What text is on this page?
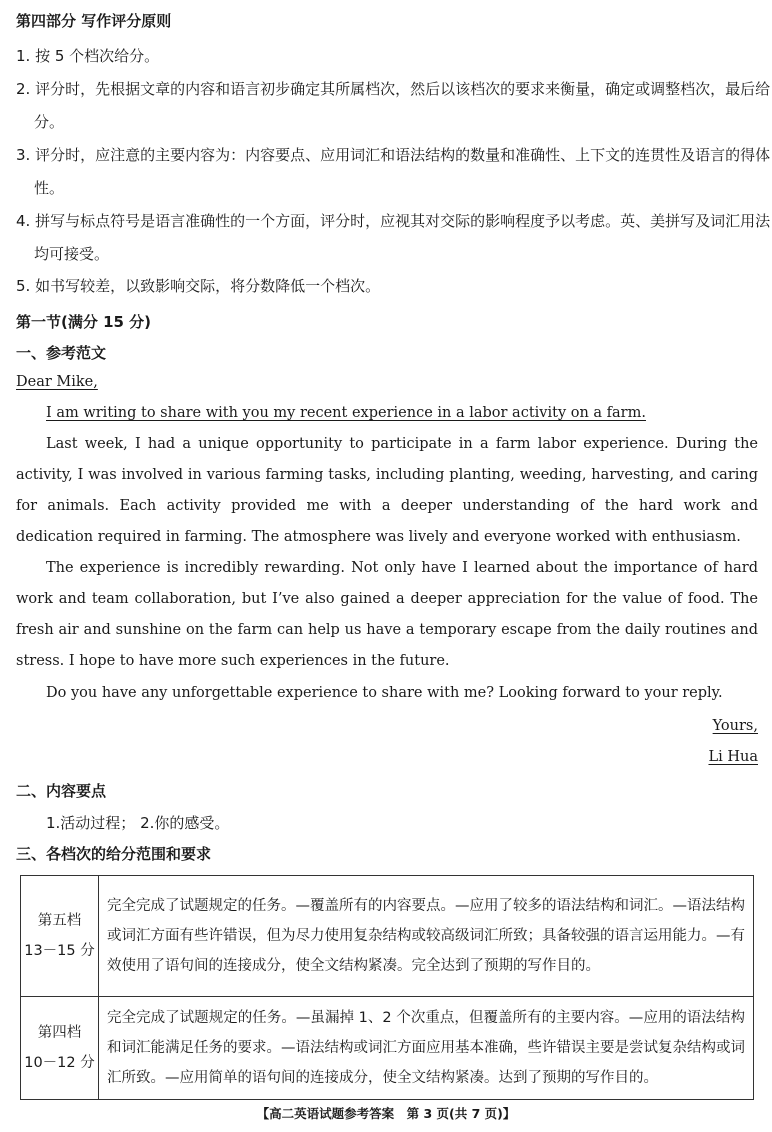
第四部分 写作评分原则
1. 按 5 个档次给分。
2. 评分时，先根据文章的内容和语言初步确定其所属档次，然后以该档次的要求来衡量，确定或调整档次，最后给分。
3. 评分时，应注意的主要内容为：内容要点、应用词汇和语法结构的数量和准确性、上下文的连贯性及语言的得体性。
4. 拼写与标点符号是语言准确性的一个方面，评分时，应视其对交际的影响程度予以考虑。英、美拼写及词汇用法均可接受。
5. 如书写较差，以致影响交际，将分数降低一个档次。
第一节(满分 15 分)
一、参考范文
Dear Mike,
I am writing to share with you my recent experience in a labor activity on a farm.
Last week, I had a unique opportunity to participate in a farm labor experience. During the activity, I was involved in various farming tasks, including planting, weeding, harvesting, and caring for animals. Each activity provided me with a deeper understanding of the hard work and dedication required in farming. The atmosphere was lively and everyone worked with enthusiasm.
The experience is incredibly rewarding. Not only have I learned about the importance of hard work and team collaboration, but I’ve also gained a deeper appreciation for the value of food. The fresh air and sunshine on the farm can help us have a temporary escape from the daily routines and stress. I hope to have more such experiences in the future.
Do you have any unforgettable experience to share with me? Looking forward to your reply.
Yours,
Li Hua
二、内容要点
1.活动过程； 2.你的感受。
三、各档次的给分范围和要求
第五档
13－15 分	完全完成了试题规定的任务。—覆盖所有的内容要点。—应用了较多的语法结构和词汇。—语法结构或词汇方面有些许错误，但为尽力使用复杂结构或较高级词汇所致；具备较强的语言运用能力。—有效使用了语句间的连接成分，使全文结构紧凑。完全达到了预期的写作目的。

第四档
10－12 分	完全完成了试题规定的任务。—虽漏掉 1、2 个次重点，但覆盖所有的主要内容。—应用的语法结构和词汇能满足任务的要求。—语法结构或词汇方面应用基本准确，些许错误主要是尝试复杂结构或词汇所致。—应用简单的语句间的连接成分，使全文结构紧凑。达到了预期的写作目的。
【高二英语试题参考答案　第 3 页(共 7 页)】
